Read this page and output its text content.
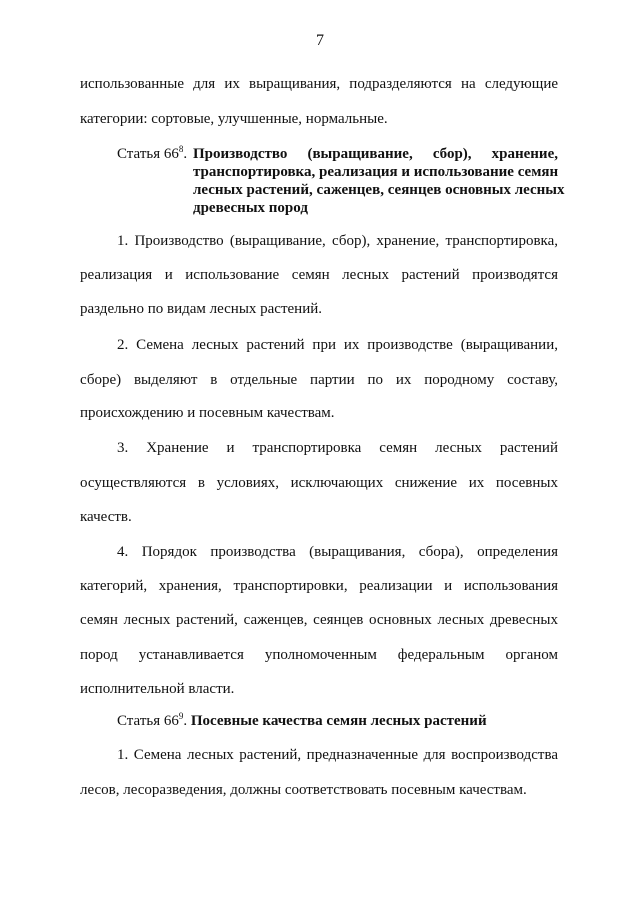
7
использованные для их выращивания, подразделяются на следующие
категории: сортовые, улучшенные, нормальные.
Статья $66^8$. Производство (выращивание, сбор), хранение,
транспортировка, реализация и использование семян
лесных растений, саженцев, сеянцев основных лесных
древесных пород
1. Производство (выращивание, сбор), хранение, транспортировка,
реализация и использование семян лесных растений производятся
раздельно по видам лесных растений.
2. Семена лесных растений при их производстве (выращивании,
сборе) выделяют в отдельные партии по их породному составу,
происхождению и посевным качествам.
3. Хранение и транспортировка семян лесных растений
осуществляются в условиях, исключающих снижение их посевных
качеств.
4. Порядок производства (выращивания, сбора), определения
категорий, хранения, транспортировки, реализации и использования
семян лесных растений, саженцев, сеянцев основных лесных древесных
пород устанавливается уполномоченным федеральным органом
исполнительной власти.
Статья $66^9$. Посевные качества семян лесных растений
1. Семена лесных растений, предназначенные для воспроизводства
лесов, лесоразведения, должны соответствовать посевным качествам.
